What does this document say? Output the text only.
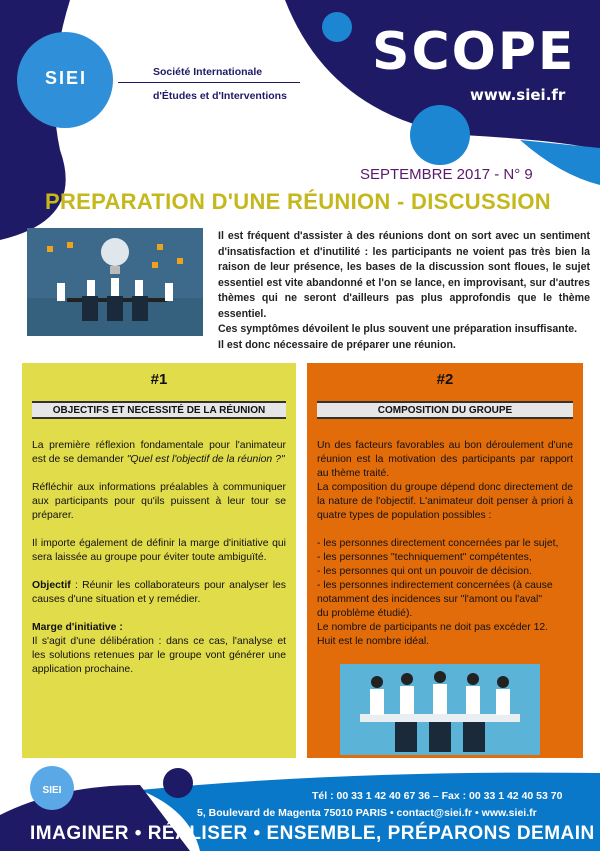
SIEI	Société Internationale
d'Études et d'Interventions
SCOPE
www.siei.fr
SEPTEMBRE 2017 - N° 9
PREPARATION D'UNE RÉUNION - DISCUSSION
Il est fréquent d'assister à des réunions dont on sort avec un sentiment d'insatisfaction et d'inutilité : les participants ne voient pas très bien la raison de leur présence, les bases de la discussion sont floues, le sujet essentiel est vite abandonné et l'on se lance, en improvisant, sur d'autres thèmes qui ne seront d'ailleurs pas plus approfondis que le thème essentiel.
Ces symptômes dévoilent le plus souvent une préparation insuffisante.
Il est donc nécessaire de préparer une réunion.
#1
OBJECTIFS ET NECESSITÉ DE LA RÉUNION

La première réflexion fondamentale pour l'animateur est de se demander "Quel est l'objectif de la réunion ?"

Réfléchir aux informations préalables à communiquer aux participants pour qu'ils puissent à leur tour se préparer.

Il importe également de définir la marge d'initiative qui sera laissée au groupe pour éviter toute ambiguïté.

Objectif : Réunir les collaborateurs pour analyser les causes d'une situation et y remédier.

Marge d'initiative :
Il s'agit d'une délibération : dans ce cas, l'analyse et les solutions retenues par le groupe vont générer une application prochaine.

#2
COMPOSITION DU GROUPE

Un des facteurs favorables au bon déroulement d'une réunion est la motivation des participants par rapport au thème traité.

La composition du groupe dépend donc directement de la nature de l'objectif. L'animateur doit penser à priori à quatre types de population possibles :

- les personnes directement concernées par le sujet,

- les personnes "techniquement" compétentes,

- les personnes qui ont un pouvoir de décision.

- les personnes indirectement concernées (à cause notamment des incidences sur "l'amont ou l'aval" du problème étudié).

Le nombre de participants ne doit pas excéder 12.

Huit est le nombre idéal.

SIEI	Tél : 00 33 1 42 40 67 36 – Fax : 00 33 1 42 40 53 70
5, Boulevard de Magenta 75010 PARIS • contact@siei.fr • www.siei.fr
IMAGINER • RÉALISER • ENSEMBLE, PRÉPARONS DEMAIN
